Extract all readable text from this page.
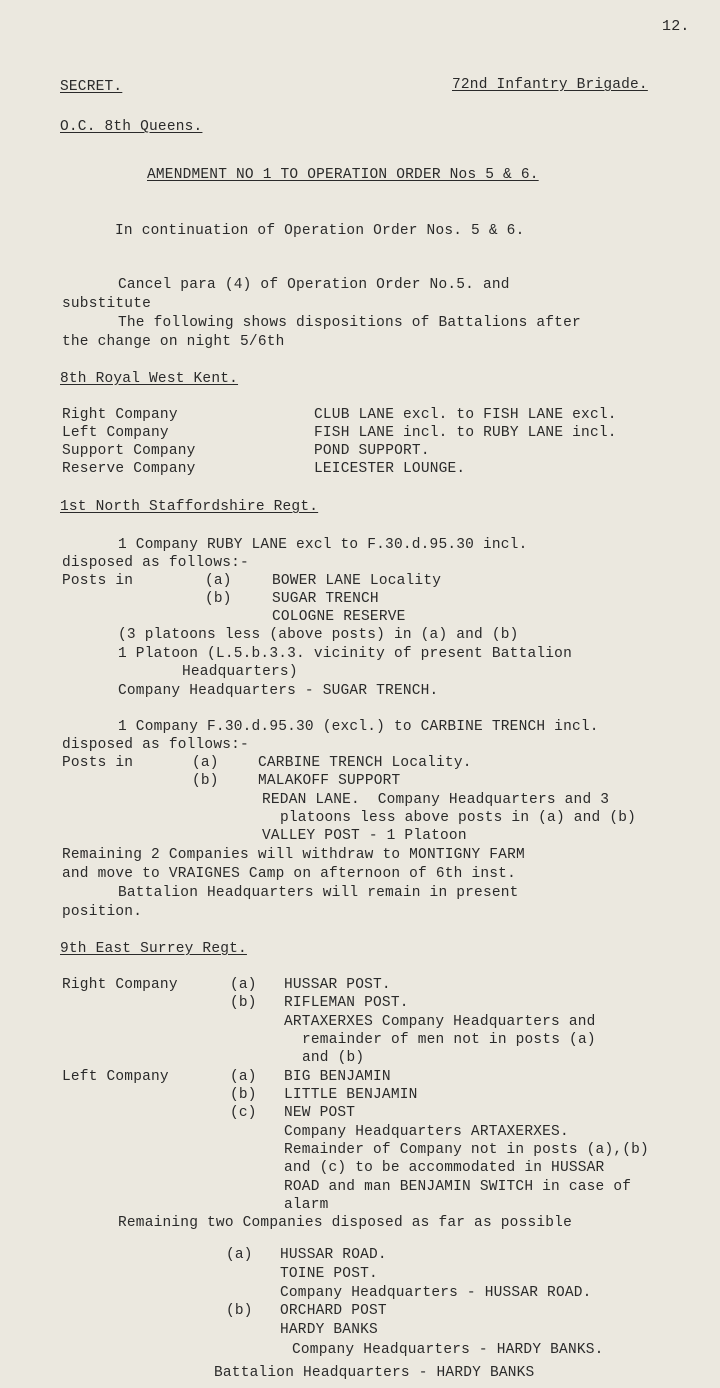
12.
SECRET.	72nd Infantry Brigade.
O.C. 8th Queens.
AMENDMENT NO 1 TO OPERATION ORDER Nos 5 & 6.
In continuation of Operation Order Nos. 5 & 6.
Cancel para (4) of Operation Order No.5. and
substitute
The following shows dispositions of Battalions after
the change on night 5/6th
8th Royal West Kent.
Right Company	CLUB LANE excl. to FISH LANE excl.
Left Company	FISH LANE incl. to RUBY LANE incl.
Support Company	POND SUPPORT.
Reserve Company	LEICESTER LOUNGE.
1st North Staffordshire Regt.
1 Company RUBY LANE excl to F.30.d.95.30 incl.
disposed as follows:-
Posts in	(a)	BOWER LANE Locality
(b)	SUGAR TRENCH
COLOGNE RESERVE
(3 platoons less (above posts) in (a) and (b)
1 Platoon (L.5.b.3.3. vicinity of present Battalion
Headquarters)
Company Headquarters - SUGAR TRENCH.
1 Company F.30.d.95.30 (excl.) to CARBINE TRENCH incl.
disposed as follows:-
Posts in	(a)	CARBINE TRENCH Locality.
(b)	MALAKOFF SUPPORT
REDAN LANE.  Company Headquarters and 3
platoons less above posts in (a) and (b)
VALLEY POST - 1 Platoon
Remaining 2 Companies will withdraw to MONTIGNY FARM
and move to VRAIGNES Camp on afternoon of 6th inst.
Battalion Headquarters will remain in present
position.
9th East Surrey Regt.
Right Company	(a) HUSSAR POST.
(b) RIFLEMAN POST.
ARTAXERXES Company Headquarters and
remainder of men not in posts (a)
and (b)
Left Company	(a) BIG BENJAMIN
(b) LITTLE BENJAMIN
(c) NEW POST
Company Headquarters ARTAXERXES.
Remainder of Company not in posts (a),(b)
and (c) to be accommodated in HUSSAR
ROAD and man BENJAMIN SWITCH in case of
alarm
Remaining two Companies disposed as far as possible
(a) HUSSAR ROAD.
TOINE POST.
Company Headquarters - HUSSAR ROAD.
(b) ORCHARD POST
HARDY BANKS
Company Headquarters - HARDY BANKS.
Battalion Headquarters - HARDY BANKS
